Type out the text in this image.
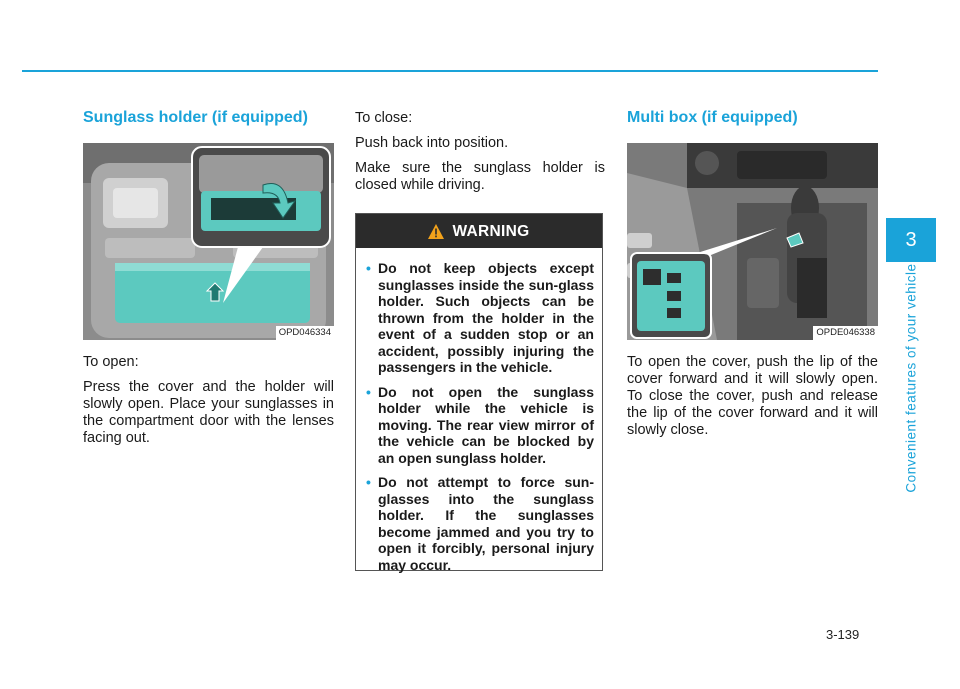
Sunglass holder (if equipped)
OPD046334

To open:

Press the cover and the holder will slowly open. Place your sunglasses in the compartment door with the lenses facing out.

To close:

Push back into position.

Make sure the sunglass holder is closed while driving.

WARNING
• Do not keep objects except sunglasses inside the sun-glass holder. Such objects can be thrown from the holder in the event of a sudden stop or an accident, possibly injuring the passengers in the vehicle.
• Do not open the sunglass holder while the vehicle is moving. The rear view mirror of the vehicle can be blocked by an open sunglass holder.
• Do not attempt to force sun-glasses into the sunglass holder. If the sunglasses become jammed and you try to open it forcibly, personal injury may occur.
Multi box (if equipped)
OPDE046338

To open the cover, push the lip of the cover forward and it will slowly open. To close the cover, push and release the lip of the cover forward and it will slowly close.

3
Convenient features of your vehicle
3-139
